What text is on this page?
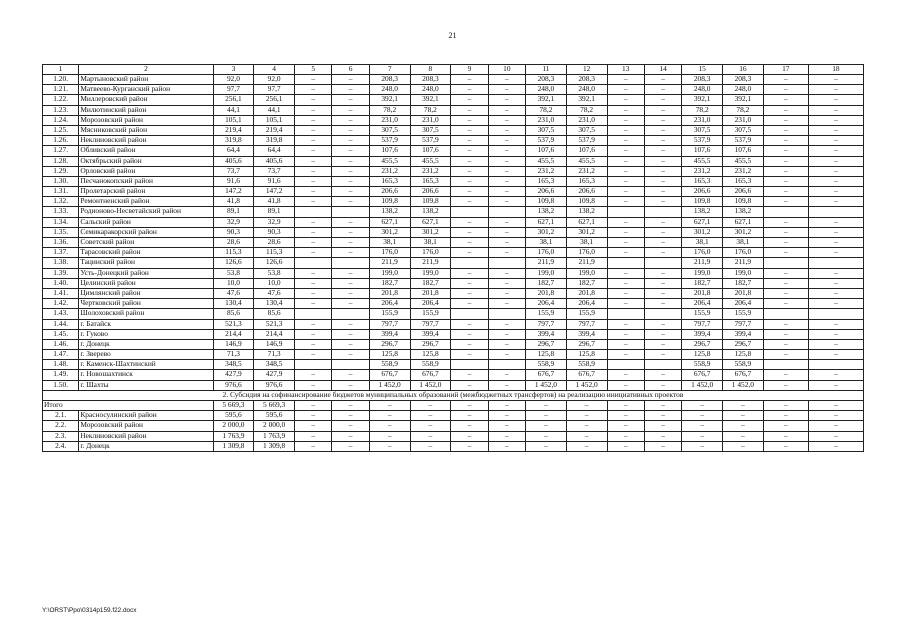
21
1	2	3	4	5	6	7	8	9	10	11	12	13	14	15	16	17	18
1.20.	Мартыновский район	92,0	92,0	–	–	208,3	208,3	–	–	208,3	208,3	–	–	208,3	208,3	–	–
1.21.	Матвеево-Курганский район	97,7	97,7	–	–	248,0	248,0	–	–	248,0	248,0	–	–	248,0	248,0	–	–
1.22.	Миллеровский район	256,1	256,1	–	–	392,1	392,1	–	–	392,1	392,1	–	–	392,1	392,1	–	–
1.23.	Милютинский район	44,1	44,1	–	–	78,2	78,2	–	–	78,2	78,2	–	–	78,2	78,2	–	–
1.24.	Морозовский район	105,1	105,1	–	–	231,0	231,0	–	–	231,0	231,0	–	–	231,0	231,0	–	–
1.25.	Мясниковский район	219,4	219,4	–	–	307,5	307,5	–	–	307,5	307,5	–	–	307,5	307,5	–	–
1.26.	Неклиновский район	319,8	319,8	–	–	537,9	537,9	–	–	537,9	537,9	–	–	537,9	537,9	–	–
1.27.	Обливский район	64,4	64,4	–	–	107,6	107,6	–	–	107,6	107,6	–	–	107,6	107,6	–	–
1.28.	Октябрьский район	405,6	405,6	–	–	455,5	455,5	–	–	455,5	455,5	–	–	455,5	455,5	–	–
1.29.	Орловский район	73,7	73,7	–	–	231,2	231,2	–	–	231,2	231,2	–	–	231,2	231,2	–	–
1.30.	Песчанокопский район	91,6	91,6	–	–	165,3	165,3	–	–	165,3	165,3	–	–	165,3	165,3	–	–
1.31.	Пролетарский район	147,2	147,2	–	–	206,6	206,6	–	–	206,6	206,6	–	–	206,6	206,6	–	–
1.32.	Ремонтненский район	41,8	41,8	–	–	109,8	109,8	–	–	109,8	109,8	–	–	109,8	109,8	–	–
1.33.	Родионово-Несветайский район	89,1	89,1			138,2	138,2			138,2	138,2			138,2	138,2		
1.34.	Сальский район	32,9	32,9	–	–	627,1	627,1	–	–	627,1	627,1	–	–	627,1	627,1	–	–
1.35.	Семикаракорский район	90,3	90,3	–	–	301,2	301,2	–	–	301,2	301,2	–	–	301,2	301,2	–	–
1.36.	Советский район	28,6	28,6	–	–	38,1	38,1	–	–	38,1	38,1	–	–	38,1	38,1	–	–
1.37.	Тарасовский район	115,3	115,3	–	–	176,0	176,0	–	–	176,0	176,0	–	–	176,0	176,0	–	–
1.38.	Тацинский район	126,6	126,6			211,9	211,9			211,9	211,9			211,9	211,9		
1.39.	Усть-Донецкий район	53,8	53,8	–	–	199,0	199,0	–	–	199,0	199,0	–	–	199,0	199,0	–	–
1.40.	Целинский район	10,0	10,0	–	–	182,7	182,7	–	–	182,7	182,7	–	–	182,7	182,7	–	–
1.41.	Цимлянский район	47,6	47,6	–	–	201,8	201,8	–	–	201,8	201,8	–	–	201,8	201,8	–	–
1.42.	Чертковский район	130,4	130,4	–	–	206,4	206,4	–	–	206,4	206,4	–	–	206,4	206,4	–	–
1.43.	Шолоховский район	85,6	85,6			155,9	155,9			155,9	155,9			155,9	155,9		
1.44.	г. Батайск	521,3	521,3	–	–	797,7	797,7	–	–	797,7	797,7	–	–	797,7	797,7	–	–
1.45.	г. Гуково	214,4	214,4	–	–	399,4	399,4	–	–	399,4	399,4	–	–	399,4	399,4	–	–
1.46.	г. Донецк	146,9	146,9	–	–	296,7	296,7	–	–	296,7	296,7	–	–	296,7	296,7	–	–
1.47.	г. Зверево	71,3	71,3	–	–	125,8	125,8	–	–	125,8	125,8	–	–	125,8	125,8	–	–
1.48.	г. Каменск-Шахтинский	348,5	348,5			558,9	558,9			558,9	558,9			558,9	558,9		
1.49.	г. Новошахтинск	427,9	427,9	–	–	676,7	676,7	–	–	676,7	676,7	–	–	676,7	676,7	–	–
1.50.	г. Шахты	976,6	976,6	–	–	1 452,0	1 452,0	–	–	1 452,0	1 452,0	–	–	1 452,0	1 452,0	–	–
2. Субсидия на софинансирование бюджетов муниципальных образований (межбюджетных трансфертов) на реализацию инициативных проектов																	
Итого		5 669,3	5 669,3	–	–	–	–	–	–	–	–	–	–	–	–	–	–
2.1.	Красносулинский район	595,6	595,6	–	–	–	–	–	–	–	–	–	–	–	–	–	–
2.2.	Морозовский район	2 000,0	2 000,0	–	–	–	–	–	–	–	–	–	–	–	–	–	–
2.3.	Неклиновский район	1 763,9	1 763,9	–	–	–	–	–	–	–	–	–	–	–	–	–	–
2.4.	г. Донецк	1 309,8	1 309,8	–	–	–	–	–	–	–	–	–	–	–	–	–	–
Y:\ORST\Ppo\0314p159.f22.docx
